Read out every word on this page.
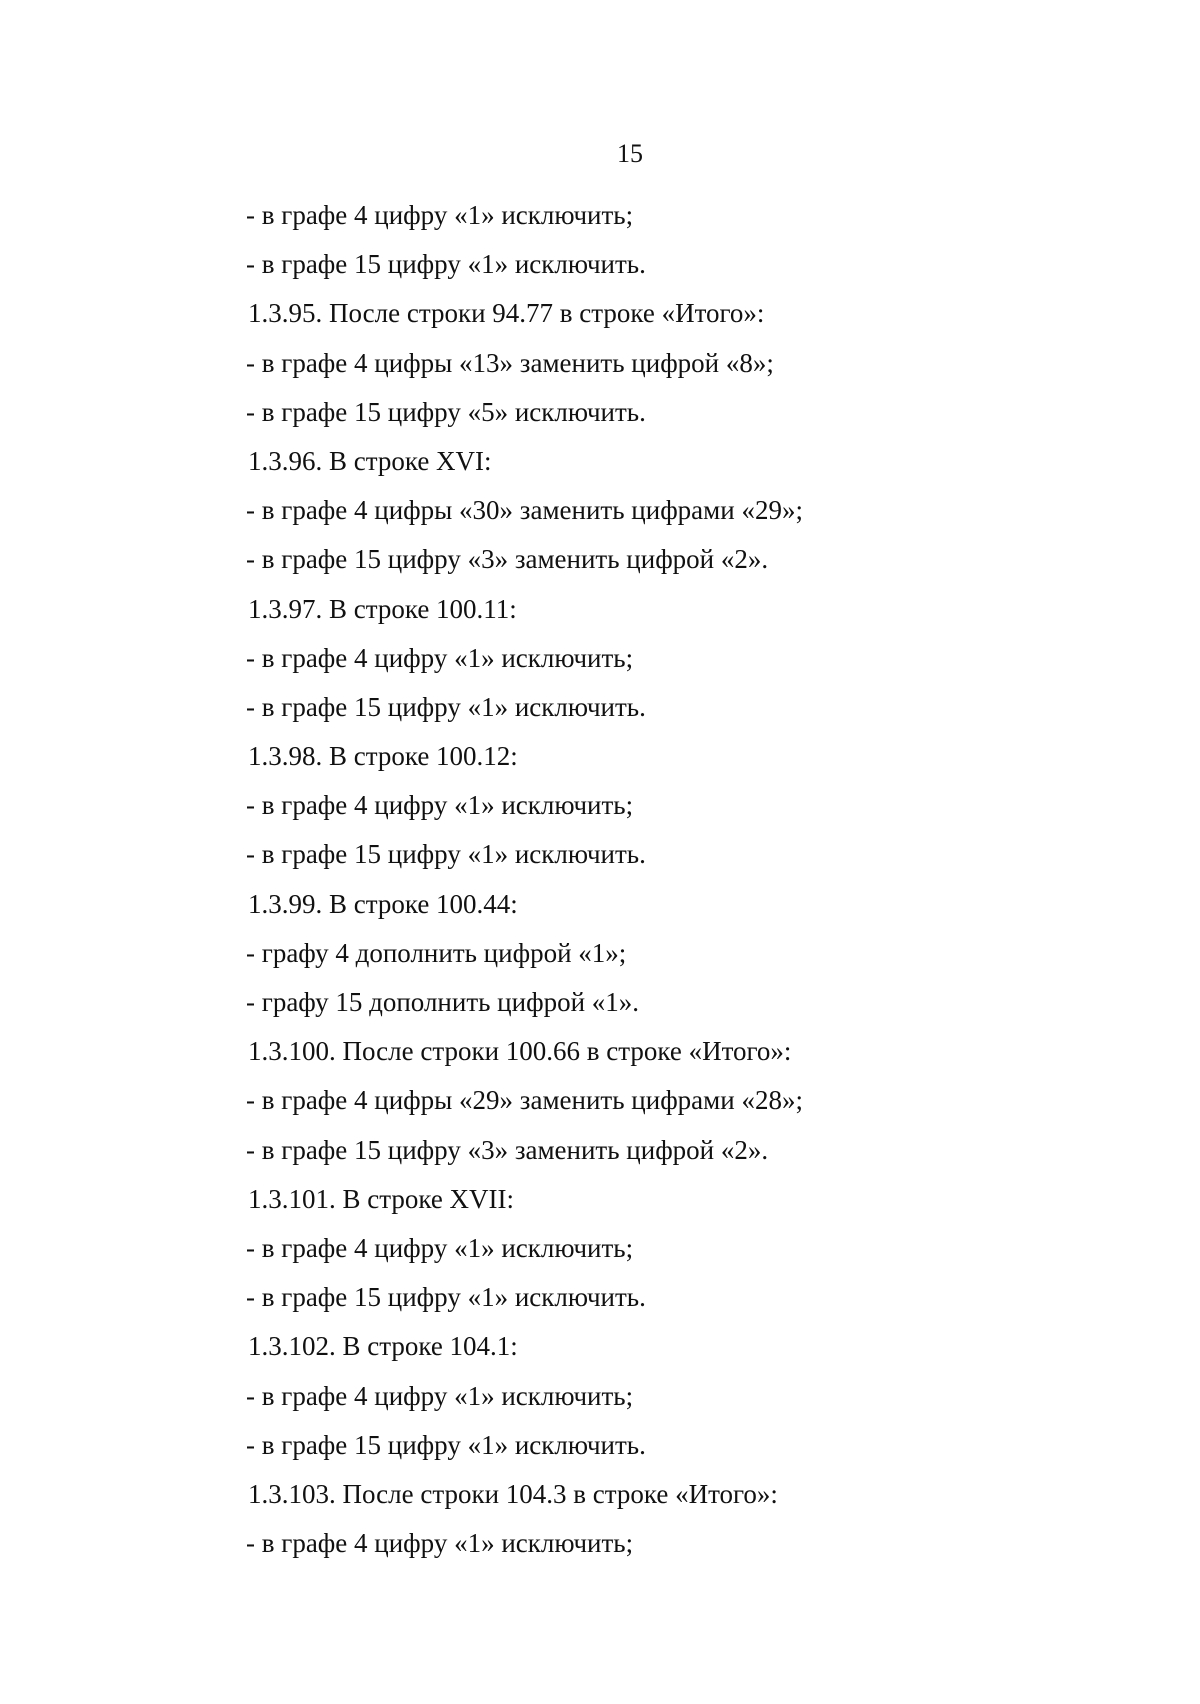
15
- в графе 4 цифру «1» исключить;
- в графе 15 цифру «1» исключить.
1.3.95. После строки 94.77 в строке «Итого»:
- в графе 4 цифры «13» заменить цифрой «8»;
- в графе 15 цифру «5» исключить.
1.3.96. В строке XVI:
- в графе 4 цифры «30» заменить цифрами «29»;
- в графе 15 цифру «3» заменить цифрой «2».
1.3.97. В строке 100.11:
- в графе 4 цифру «1» исключить;
- в графе 15 цифру «1» исключить.
1.3.98. В строке 100.12:
- в графе 4 цифру «1» исключить;
- в графе 15 цифру «1» исключить.
1.3.99. В строке 100.44:
- графу 4 дополнить цифрой «1»;
- графу 15 дополнить цифрой «1».
1.3.100. После строки 100.66 в строке «Итого»:
- в графе 4 цифры «29» заменить цифрами «28»;
- в графе 15 цифру «3» заменить цифрой «2».
1.3.101. В строке XVII:
- в графе 4 цифру «1» исключить;
- в графе 15 цифру «1» исключить.
1.3.102. В строке 104.1:
- в графе 4 цифру «1» исключить;
- в графе 15 цифру «1» исключить.
1.3.103. После строки 104.3 в строке «Итого»:
- в графе 4 цифру «1» исключить;
